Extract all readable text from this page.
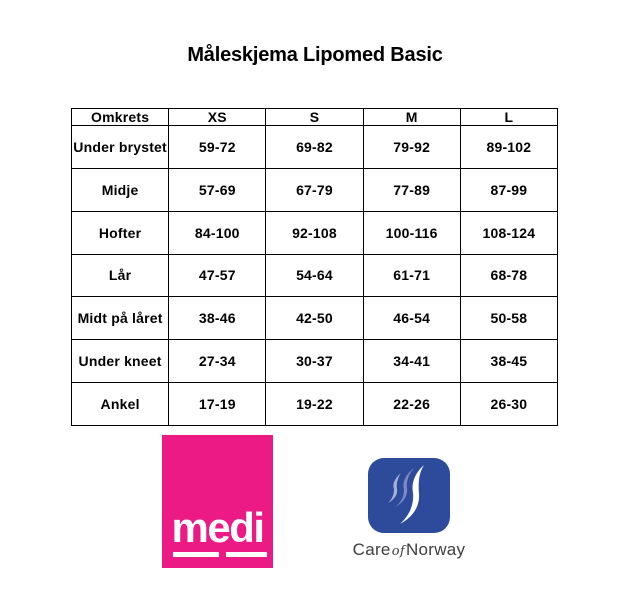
Måleskjema Lipomed Basic
Omkrets	XS	S	M	L
Under brystet	59-72	69-82	79-92	89-102
Midje	57-69	67-79	77-89	87-99
Hofter	84-100	92-108	100-116	108-124
Lår	47-57	54-64	61-71	68-78
Midt på låret	38-46	42-50	46-54	50-58
Under kneet	27-34	30-37	34-41	38-45
Ankel	17-19	19-22	22-26	26-30
medi	CareofNorway
